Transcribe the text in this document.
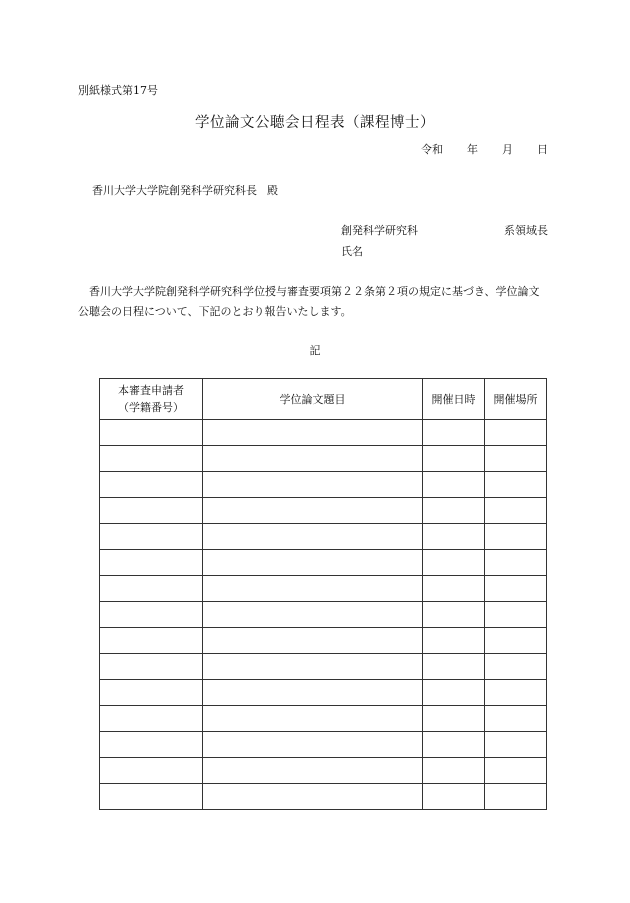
別紙様式第17号
学位論文公聴会日程表（課程博士）
令和 年 月 日
香川大学大学院創発科学研究科長 殿
創発科学研究科	系領域長
氏名
香川大学大学院創発科学研究科学位授与審査要項第２２条第２項の規定に基づき、学位論文公聴会の日程について、下記のとおり報告いたします。
記
本審査申請者
（学籍番号）	学位論文題目	開催日時	開催場所
